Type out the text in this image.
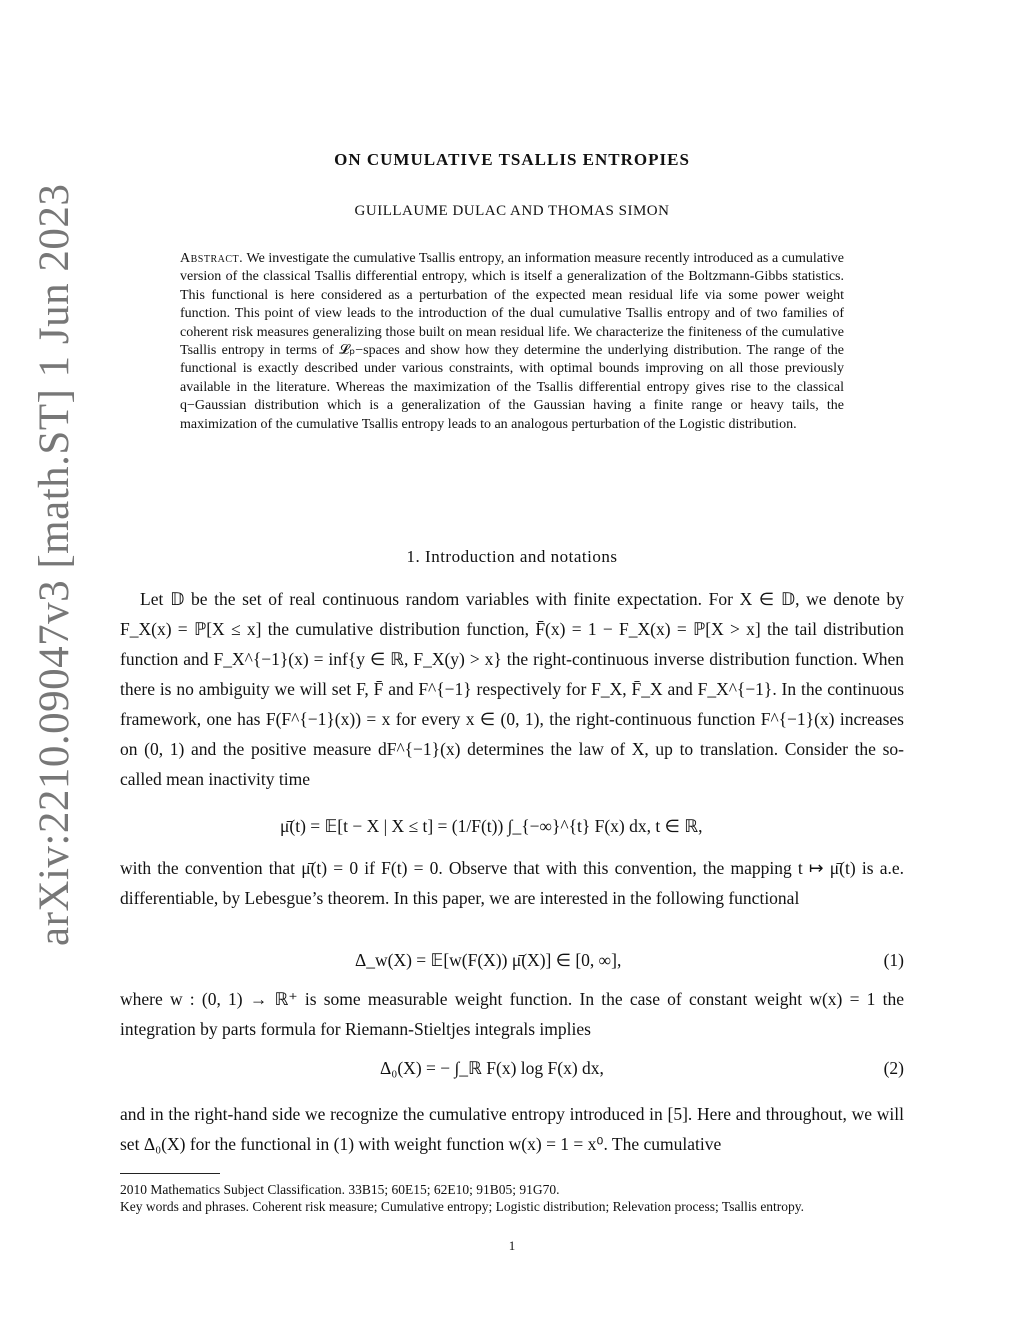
arXiv:2210.09047v3 [math.ST] 1 Jun 2023
ON CUMULATIVE TSALLIS ENTROPIES
GUILLAUME DULAC AND THOMAS SIMON
Abstract. We investigate the cumulative Tsallis entropy, an information measure recently introduced as a cumulative version of the classical Tsallis differential entropy, which is itself a generalization of the Boltzmann-Gibbs statistics. This functional is here considered as a perturbation of the expected mean residual life via some power weight function. This point of view leads to the introduction of the dual cumulative Tsallis entropy and of two families of coherent risk measures generalizing those built on mean residual life. We characterize the finiteness of the cumulative Tsallis entropy in terms of 𝓛ₚ−spaces and show how they determine the underlying distribution. The range of the functional is exactly described under various constraints, with optimal bounds improving on all those previously available in the literature. Whereas the maximization of the Tsallis differential entropy gives rise to the classical q−Gaussian distribution which is a generalization of the Gaussian having a finite range or heavy tails, the maximization of the cumulative Tsallis entropy leads to an analogous perturbation of the Logistic distribution.
1. Introduction and notations

Let 𝔻 be the set of real continuous random variables with finite expectation. For X ∈ 𝔻, we denote by F_X(x) = ℙ[X ≤ x] the cumulative distribution function, F̄(x) = 1 − F_X(x) = ℙ[X > x] the tail distribution function and F_X^{−1}(x) = inf{y ∈ ℝ, F_X(y) > x} the right-continuous inverse distribution function. When there is no ambiguity we will set F, F̄ and F^{−1} respectively for F_X, F̄_X and F_X^{−1}. In the continuous framework, one has F(F^{−1}(x)) = x for every x ∈ (0, 1), the right-continuous function F^{−1}(x) increases on (0, 1) and the positive measure dF^{−1}(x) determines the law of X, up to translation. Consider the so-called mean inactivity time

μ̄(t) = 𝔼[t − X | X ≤ t] = (1/F(t)) ∫_{−∞}^{t} F(x) dx, t ∈ ℝ,

with the convention that μ̄(t) = 0 if F(t) = 0. Observe that with this convention, the mapping t ↦ μ̄(t) is a.e. differentiable, by Lebesgue’s theorem. In this paper, we are interested in the following functional

Δ_w(X) = 𝔼[w(F(X)) μ̄(X)] ∈ [0, ∞],	(1)

where w : (0, 1) → ℝ⁺ is some measurable weight function. In the case of constant weight w(x) = 1 the integration by parts formula for Riemann-Stieltjes integrals implies

Δ₀(X) = − ∫_ℝ F(x) log F(x) dx,	(2)

and in the right-hand side we recognize the cumulative entropy introduced in [5]. Here and throughout, we will set Δ₀(X) for the functional in (1) with weight function w(x) = 1 = x⁰. The cumulative

2010 Mathematics Subject Classification. 33B15; 60E15; 62E10; 91B05; 91G70.
Key words and phrases. Coherent risk measure; Cumulative entropy; Logistic distribution; Relevation process; Tsallis entropy.
1
